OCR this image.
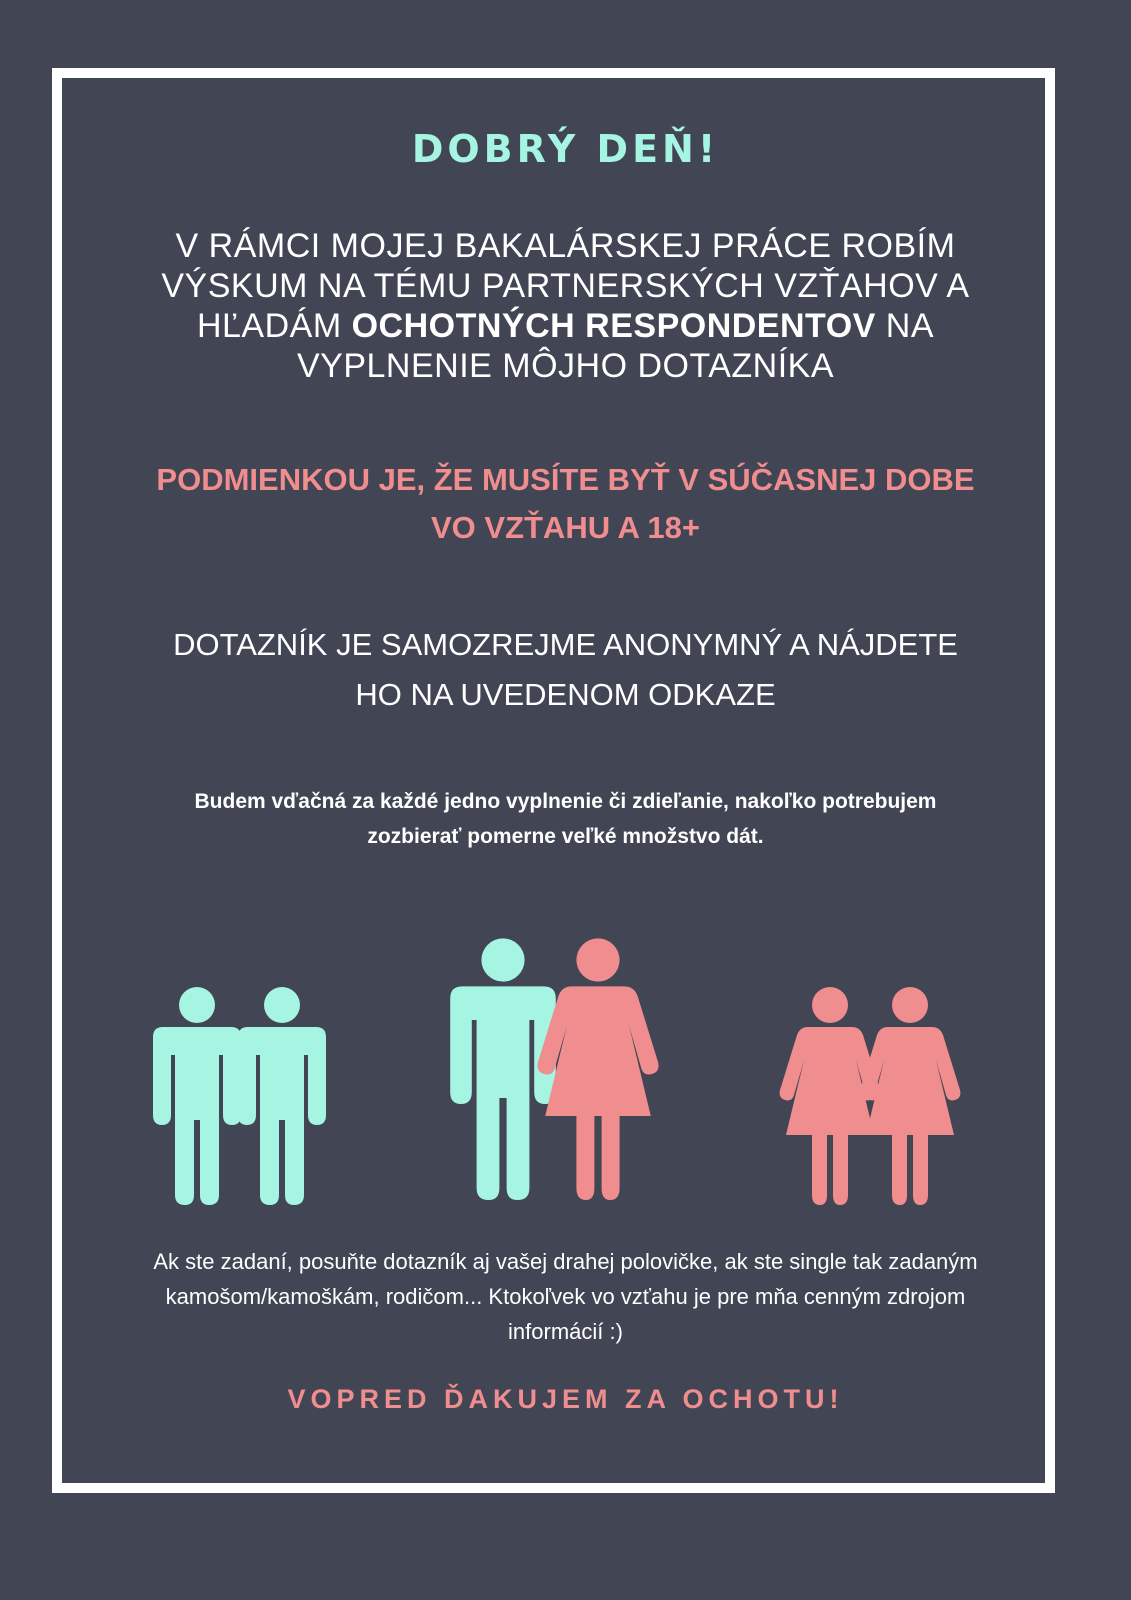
DOBRÝ DEŇ!
V RÁMCI MOJEJ BAKALÁRSKEJ PRÁCE ROBÍM
VÝSKUM NA TÉMU PARTNERSKÝCH VZŤAHOV A
HĽADÁM OCHOTNÝCH RESPONDENTOV NA
VYPLNENIE MÔJHO DOTAZNÍKA
PODMIENKOU JE, ŽE MUSÍTE BYŤ V SÚČASNEJ DOBE
VO VZŤAHU A 18+
DOTAZNÍK JE SAMOZREJME ANONYMNÝ A NÁJDETE
HO NA UVEDENOM ODKAZE
Budem vďačná za každé jedno vyplnenie či zdieľanie, nakoľko potrebujem
zozbierať pomerne veľké množstvo dát.
Ak ste zadaní, posuňte dotazník aj vašej drahej polovičke, ak ste single tak zadaným
kamošom/kamoškám, rodičom... Ktokoľvek vo vzťahu je pre mňa cenným zdrojom
informácií :)
VOPRED ĎAKUJEM ZA OCHOTU!
